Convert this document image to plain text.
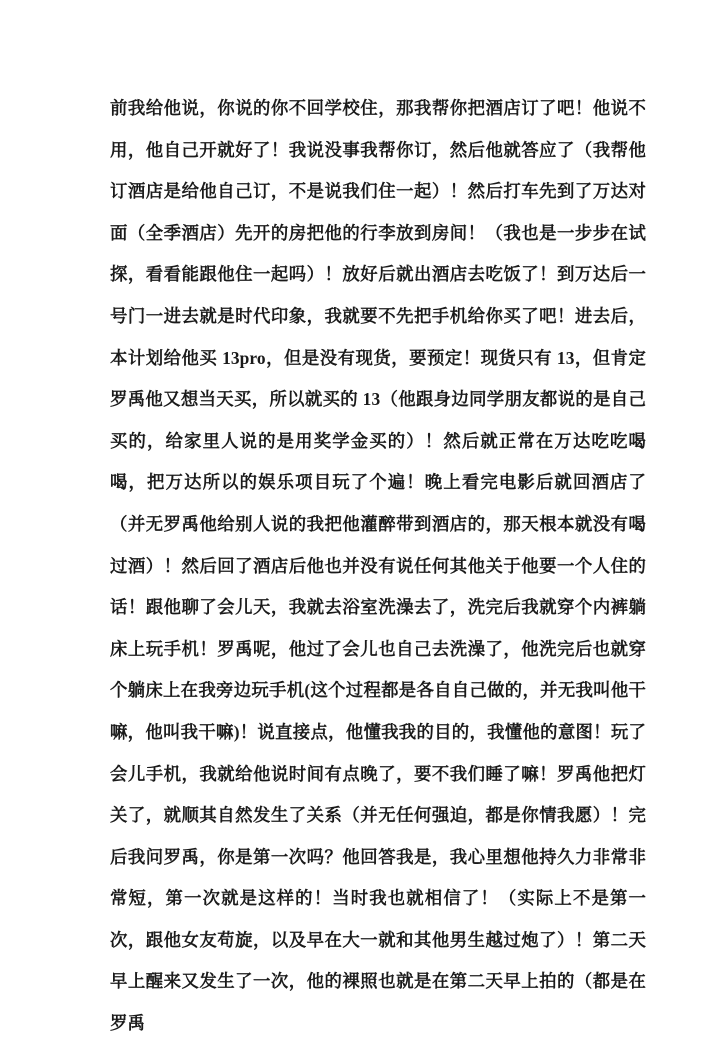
前我给他说，你说的你不回学校住，那我帮你把酒店订了吧！他说不用，他自己开就好了！我说没事我帮你订，然后他就答应了（我帮他订酒店是给他自己订，不是说我们住一起）！然后打车先到了万达对面（全季酒店）先开的房把他的行李放到房间！（我也是一步步在试探，看看能跟他住一起吗）！放好后就出酒店去吃饭了！到万达后一号门一进去就是时代印象，我就要不先把手机给你买了吧！进去后，本计划给他买 13pro，但是没有现货，要预定！现货只有 13，但肯定罗禹他又想当天买，所以就买的 13（他跟身边同学朋友都说的是自己买的，给家里人说的是用奖学金买的）！然后就正常在万达吃吃喝喝，把万达所以的娱乐项目玩了个遍！晚上看完电影后就回酒店了（并无罗禹他给别人说的我把他灌醉带到酒店的，那天根本就没有喝过酒）！然后回了酒店后他也并没有说任何其他关于他要一个人住的话！跟他聊了会儿天，我就去浴室洗澡去了，洗完后我就穿个内裤躺床上玩手机！罗禹呢，他过了会儿也自己去洗澡了，他洗完后也就穿个躺床上在我旁边玩手机(这个过程都是各自自己做的，并无我叫他干嘛，他叫我干嘛)！说直接点，他懂我我的目的，我懂他的意图！玩了会儿手机，我就给他说时间有点晚了，要不我们睡了嘛！罗禹他把灯关了，就顺其自然发生了关系（并无任何强迫，都是你情我愿）！完后我问罗禹，你是第一次吗？他回答我是，我心里想他持久力非常非常短，第一次就是这样的！当时我也就相信了！（实际上不是第一次，跟他女友苟旋，以及早在大一就和其他男生越过炮了）！第二天早上醒来又发生了一次，他的裸照也就是在第二天早上拍的（都是在罗禹
